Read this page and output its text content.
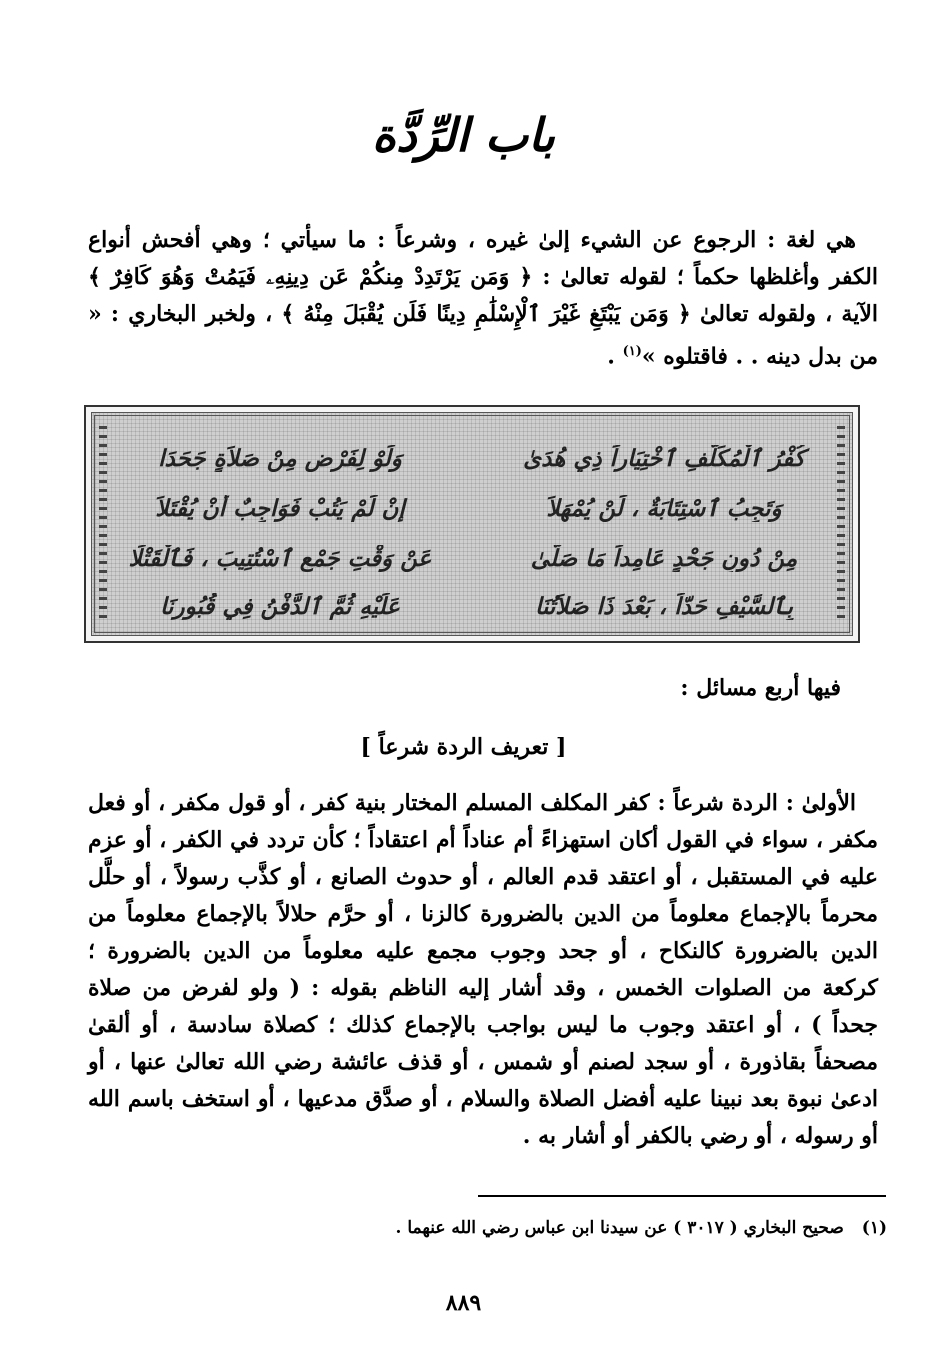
باب الرِّدَّة

هي لغة : الرجوع عن الشيء إلىٰ غيره ، وشرعاً : ما سيأتي ؛ وهي أفحش أنواع الكفر وأغلظها حكماً ؛ لقوله تعالىٰ : ﴿ وَمَن يَرْتَدِدْ مِنكُمْ عَن دِينِهِۦ فَيَمُتْ وَهُوَ كَافِرٌ ﴾ الآية ، ولقوله تعالىٰ ﴿ وَمَن يَبْتَغِ غَيْرَ ٱلْإِسْلَٰمِ دِينًا فَلَن يُقْبَلَ مِنْهُ ﴾ ، ولخبر البخاري : « من بدل دينه . . فاقتلوه »$^{(١)}$ .

كُفْرُ ٱلْمُكَلَّفِ ٱخْتِيَاراً ذِي هُدَىٰ
وَلَوْ لِفَرْضٍ مِنْ صَلاَةٍ جَحَدَا
وَتَجِبُ ٱسْتِتَابَةٌ ، لَنْ يُمْهَلاَ
إِنْ لَمْ يَتُبْ فَوَاجِبٌ أَنْ يُقْتَلاَ
مِنْ دُونِ جَحْدٍ عَامِداً مَا صَلَّىٰ
عَنْ وَقْتِ جَمْعٍ ٱسْتُتِيبَ ، فَٱلْقَتْلَا
بِٱلسَّيْفِ حَدّاً ، بَعْدَ ذَا صَلاَتُنَا
عَلَيْهِ ثُمَّ ٱلدَّفْنُ فِي قُبُورِنَا
فيها أربع مسائل :
[ تعريف الردة شرعاً ]

الأولىٰ : الردة شرعاً : كفر المكلف المسلم المختار بنية كفر ، أو قول مكفر ، أو فعل مكفر ، سواء في القول أكان استهزاءً أم عناداً أم اعتقاداً ؛ كأن تردد في الكفر ، أو عزم عليه في المستقبل ، أو اعتقد قدم العالم ، أو حدوث الصانع ، أو كذَّب رسولاً ، أو حلَّل محرماً بالإجماع معلوماً من الدين بالضرورة كالزنا ، أو حرَّم حلالاً بالإجماع معلوماً من الدين بالضرورة كالنكاح ، أو جحد وجوب مجمع عليه معلوماً من الدين بالضرورة ؛ كركعة من الصلوات الخمس ، وقد أشار إليه الناظم بقوله : ( ولو لفرض من صلاة جحداً ) ، أو اعتقد وجوب ما ليس بواجب بالإجماع كذلك ؛ كصلاة سادسة ، أو ألقىٰ مصحفاً بقاذورة ، أو سجد لصنم أو شمس ، أو قذف عائشة رضي الله تعالىٰ عنها ، أو ادعىٰ نبوة بعد نبينا عليه أفضل الصلاة والسلام ، أو صدَّق مدعيها ، أو استخف باسم الله أو رسوله ، أو رضي بالكفر أو أشار به .

(١)صحيح البخاري ( ٣٠١٧ ) عن سيدنا ابن عباس رضي الله عنهما .
٨٨٩
